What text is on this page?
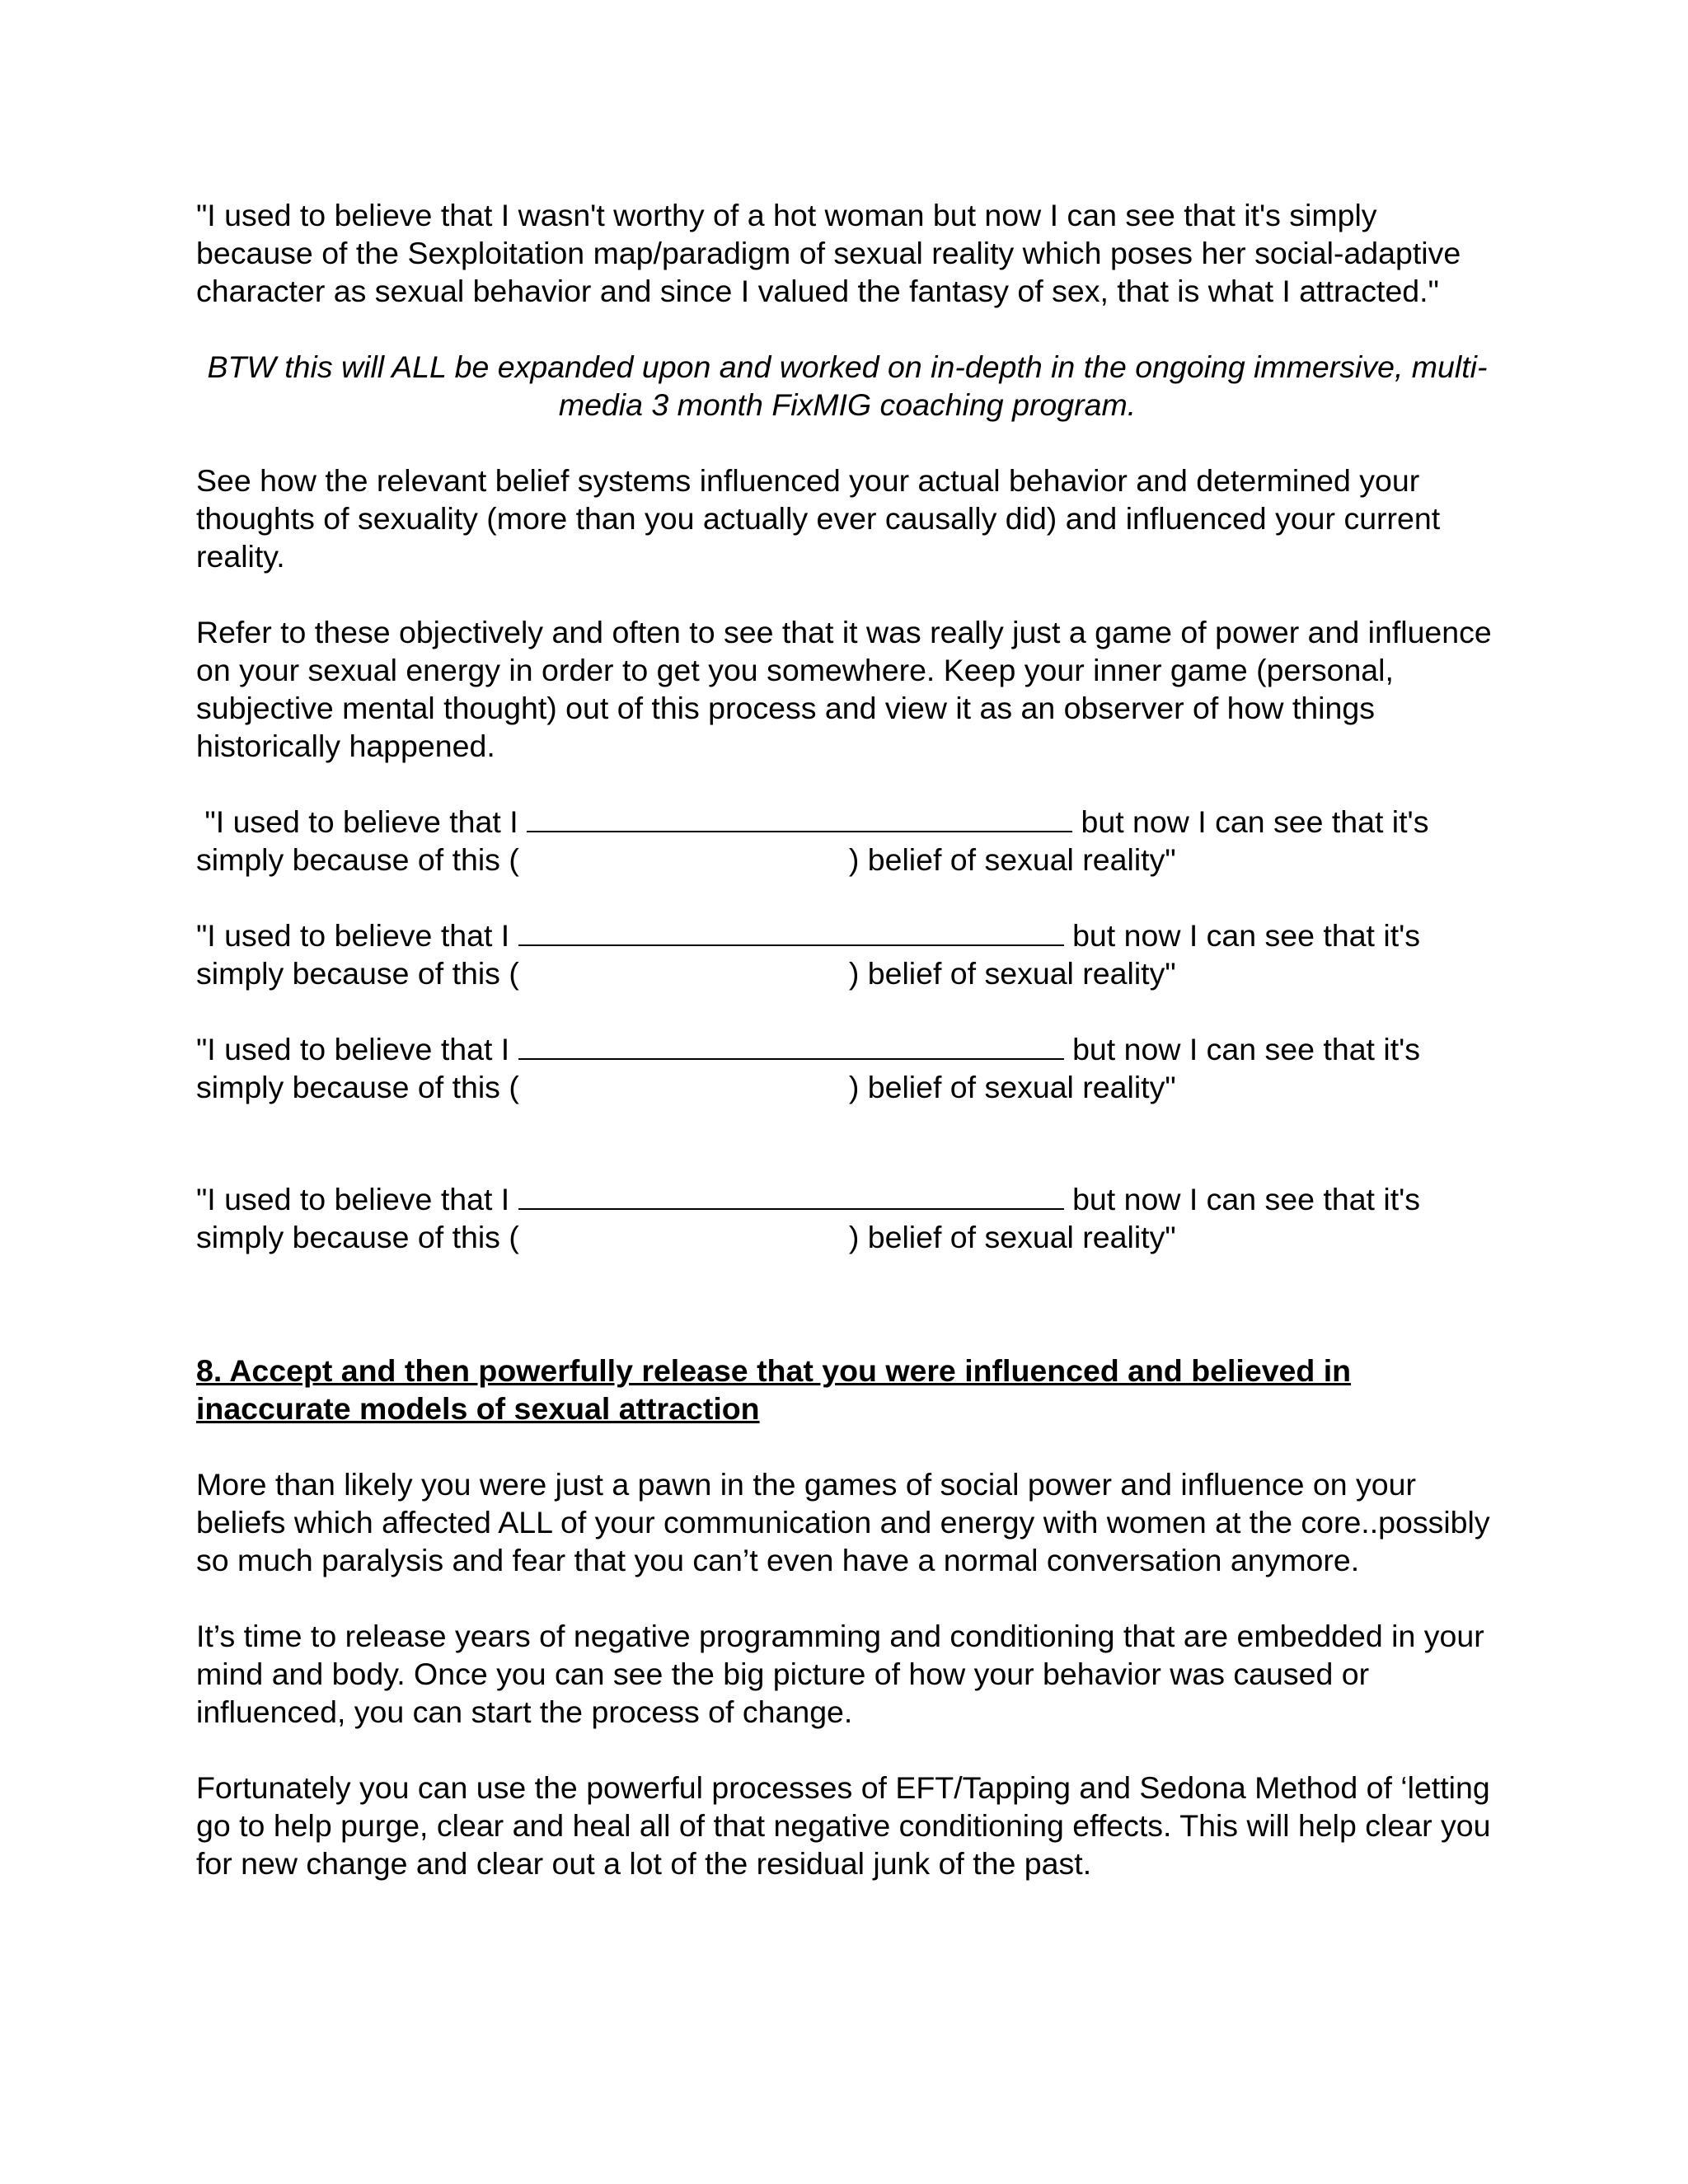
"I used to believe that I wasn't worthy of a hot woman but now I can see that it's simply because of the Sexploitation map/paradigm of sexual reality which poses her social-adaptive character as sexual behavior and since I valued the fantasy of sex, that is what I attracted."

BTW this will ALL be expanded upon and worked on in-depth in the ongoing immersive, multi-media 3 month FixMIG coaching program.

See how the relevant belief systems influenced your actual behavior and determined your thoughts of sexuality (more than you actually ever causally did) and influenced your current reality.

Refer to these objectively and often to see that it was really just a game of power and influence on your sexual energy in order to get you somewhere. Keep your inner game (personal, subjective mental thought) out of this process and view it as an observer of how things historically happened.

"I used to believe that I	but now I can see that it's
simply because of this (	) belief of sexual reality"
"I used to believe that I	but now I can see that it's
simply because of this (	) belief of sexual reality"
"I used to believe that I	but now I can see that it's
simply because of this (	) belief of sexual reality"
"I used to believe that I	but now I can see that it's
simply because of this (	) belief of sexual reality"

8. Accept and then powerfully release that you were influenced and believed in inaccurate models of sexual attraction

More than likely you were just a pawn in the games of social power and influence on your beliefs which affected ALL of your communication and energy with women at the core..possibly so much paralysis and fear that you can’t even have a normal conversation anymore.

It’s time to release years of negative programming and conditioning that are embedded in your mind and body. Once you can see the big picture of how your behavior was caused or influenced, you can start the process of change.

Fortunately you can use the powerful processes of EFT/Tapping and Sedona Method of ‘letting go to help purge, clear and heal all of that negative conditioning effects. This will help clear you for new change and clear out a lot of the residual junk of the past.
